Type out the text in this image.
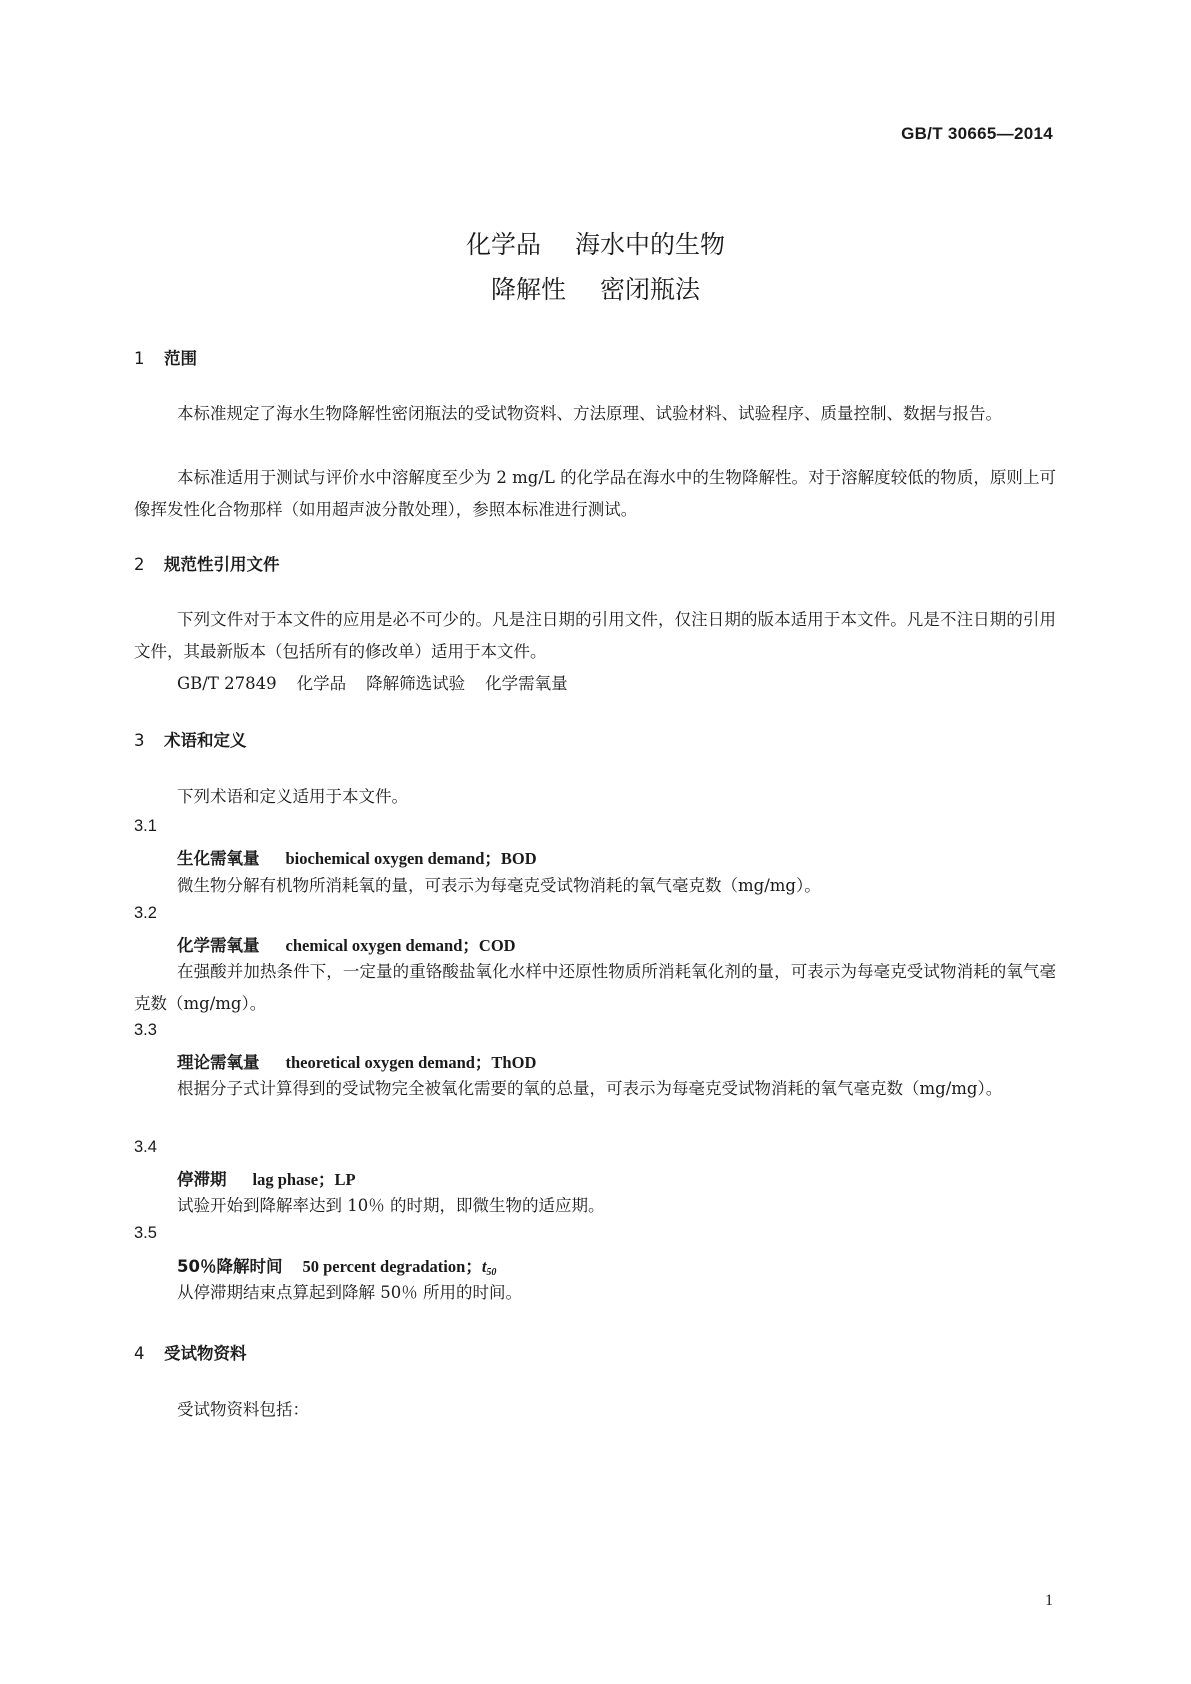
GB/T 30665—2014
化学品 海水中的生物
降解性 密闭瓶法
1 范围
本标准规定了海水生物降解性密闭瓶法的受试物资料、方法原理、试验材料、试验程序、质量控制、数据与报告。
本标准适用于测试与评价水中溶解度至少为 2 mg/L 的化学品在海水中的生物降解性。对于溶解度较低的物质，原则上可像挥发性化合物那样（如用超声波分散处理），参照本标准进行测试。
2 规范性引用文件
下列文件对于本文件的应用是必不可少的。凡是注日期的引用文件，仅注日期的版本适用于本文件。凡是不注日期的引用文件，其最新版本（包括所有的修改单）适用于本文件。
GB/T 27849 化学品 降解筛选试验 化学需氧量
3 术语和定义
下列术语和定义适用于本文件。
3.1
生化需氧量 biochemical oxygen demand；BOD
微生物分解有机物所消耗氧的量，可表示为每毫克受试物消耗的氧气毫克数（mg/mg）。
3.2
化学需氧量 chemical oxygen demand；COD
在强酸并加热条件下，一定量的重铬酸盐氧化水样中还原性物质所消耗氧化剂的量，可表示为每毫克受试物消耗的氧气毫克数（mg/mg）。
3.3
理论需氧量 theoretical oxygen demand；ThOD
根据分子式计算得到的受试物完全被氧化需要的氧的总量，可表示为每毫克受试物消耗的氧气毫克数（mg/mg）。
3.4
停滞期 lag phase；LP
试验开始到降解率达到 10％ 的时期，即微生物的适应期。
3.5
50％降解时间 50 percent degradation；$t_{50}$
从停滞期结束点算起到降解 50％ 所用的时间。
4 受试物资料
受试物资料包括：
1
